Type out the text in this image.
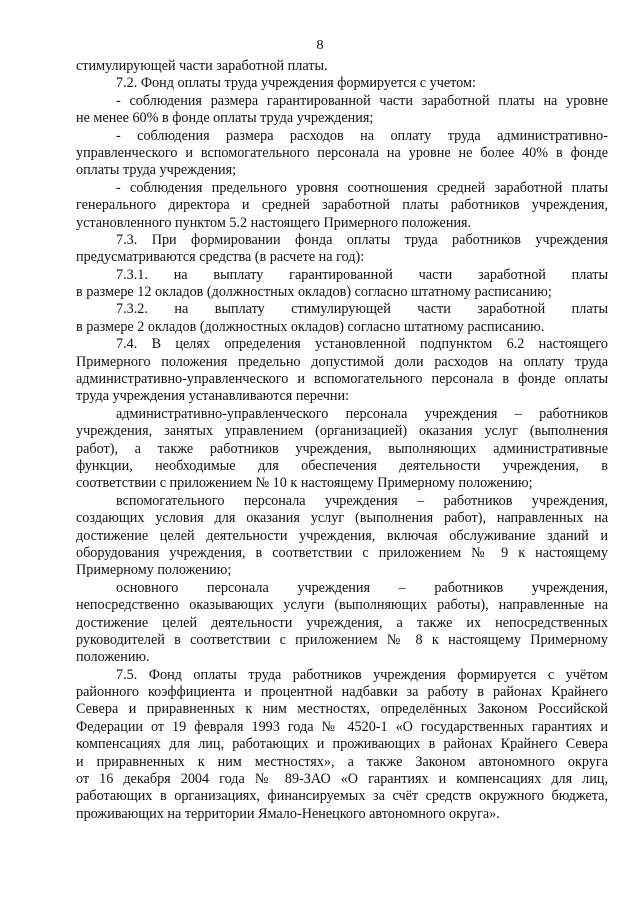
8
стимулирующей части заработной платы.
7.2. Фонд оплаты труда учреждения формируется с учетом:
- соблюдения размера гарантированной части заработной платы на уровне
не менее 60% в фонде оплаты труда учреждения;
- соблюдения размера расходов на оплату труда административно-
управленческого и вспомогательного персонала на уровне не более 40% в фонде
оплаты труда учреждения;
- соблюдения предельного уровня соотношения средней заработной платы
генерального директора и средней заработной платы работников учреждения,
установленного пунктом 5.2 настоящего Примерного положения.
7.3. При формировании фонда оплаты труда работников учреждения
предусматриваются средства (в расчете на год):
7.3.1. на выплату гарантированной части заработной платы
в размере 12 окладов (должностных окладов) согласно штатному расписанию;
7.3.2. на выплату стимулирующей части заработной платы
в размере 2 окладов (должностных окладов) согласно штатному расписанию.
7.4. В целях определения установленной подпунктом 6.2 настоящего
Примерного положения предельно допустимой доли расходов на оплату труда
административно-управленческого и вспомогательного персонала в фонде оплаты
труда учреждения устанавливаются перечни:
административно-управленческого персонала учреждения – работников
учреждения, занятых управлением (организацией) оказания услуг (выполнения
работ), а также работников учреждения, выполняющих административные
функции, необходимые для обеспечения деятельности учреждения, в
соответствии с приложением № 10 к настоящему Примерному положению;
вспомогательного персонала учреждения – работников учреждения,
создающих условия для оказания услуг (выполнения работ), направленных на
достижение целей деятельности учреждения, включая обслуживание зданий и
оборудования учреждения, в соответствии с приложением № 9 к настоящему
Примерному положению;
основного персонала учреждения – работников учреждения,
непосредственно оказывающих услуги (выполняющих работы), направленные на
достижение целей деятельности учреждения, а также их непосредственных
руководителей в соответствии с приложением № 8 к настоящему Примерному
положению.
7.5. Фонд оплаты труда работников учреждения формируется с учётом
районного коэффициента и процентной надбавки за работу в районах Крайнего
Севера и приравненных к ним местностях, определённых Законом Российской
Федерации от 19 февраля 1993 года № 4520-1 «О государственных гарантиях и
компенсациях для лиц, работающих и проживающих в районах Крайнего Севера
и приравненных к ним местностях», а также Законом автономного округа
от 16 декабря 2004 года № 89-ЗАО «О гарантиях и компенсациях для лиц,
работающих в организациях, финансируемых за счёт средств окружного бюджета,
проживающих на территории Ямало-Ненецкого автономного округа».
